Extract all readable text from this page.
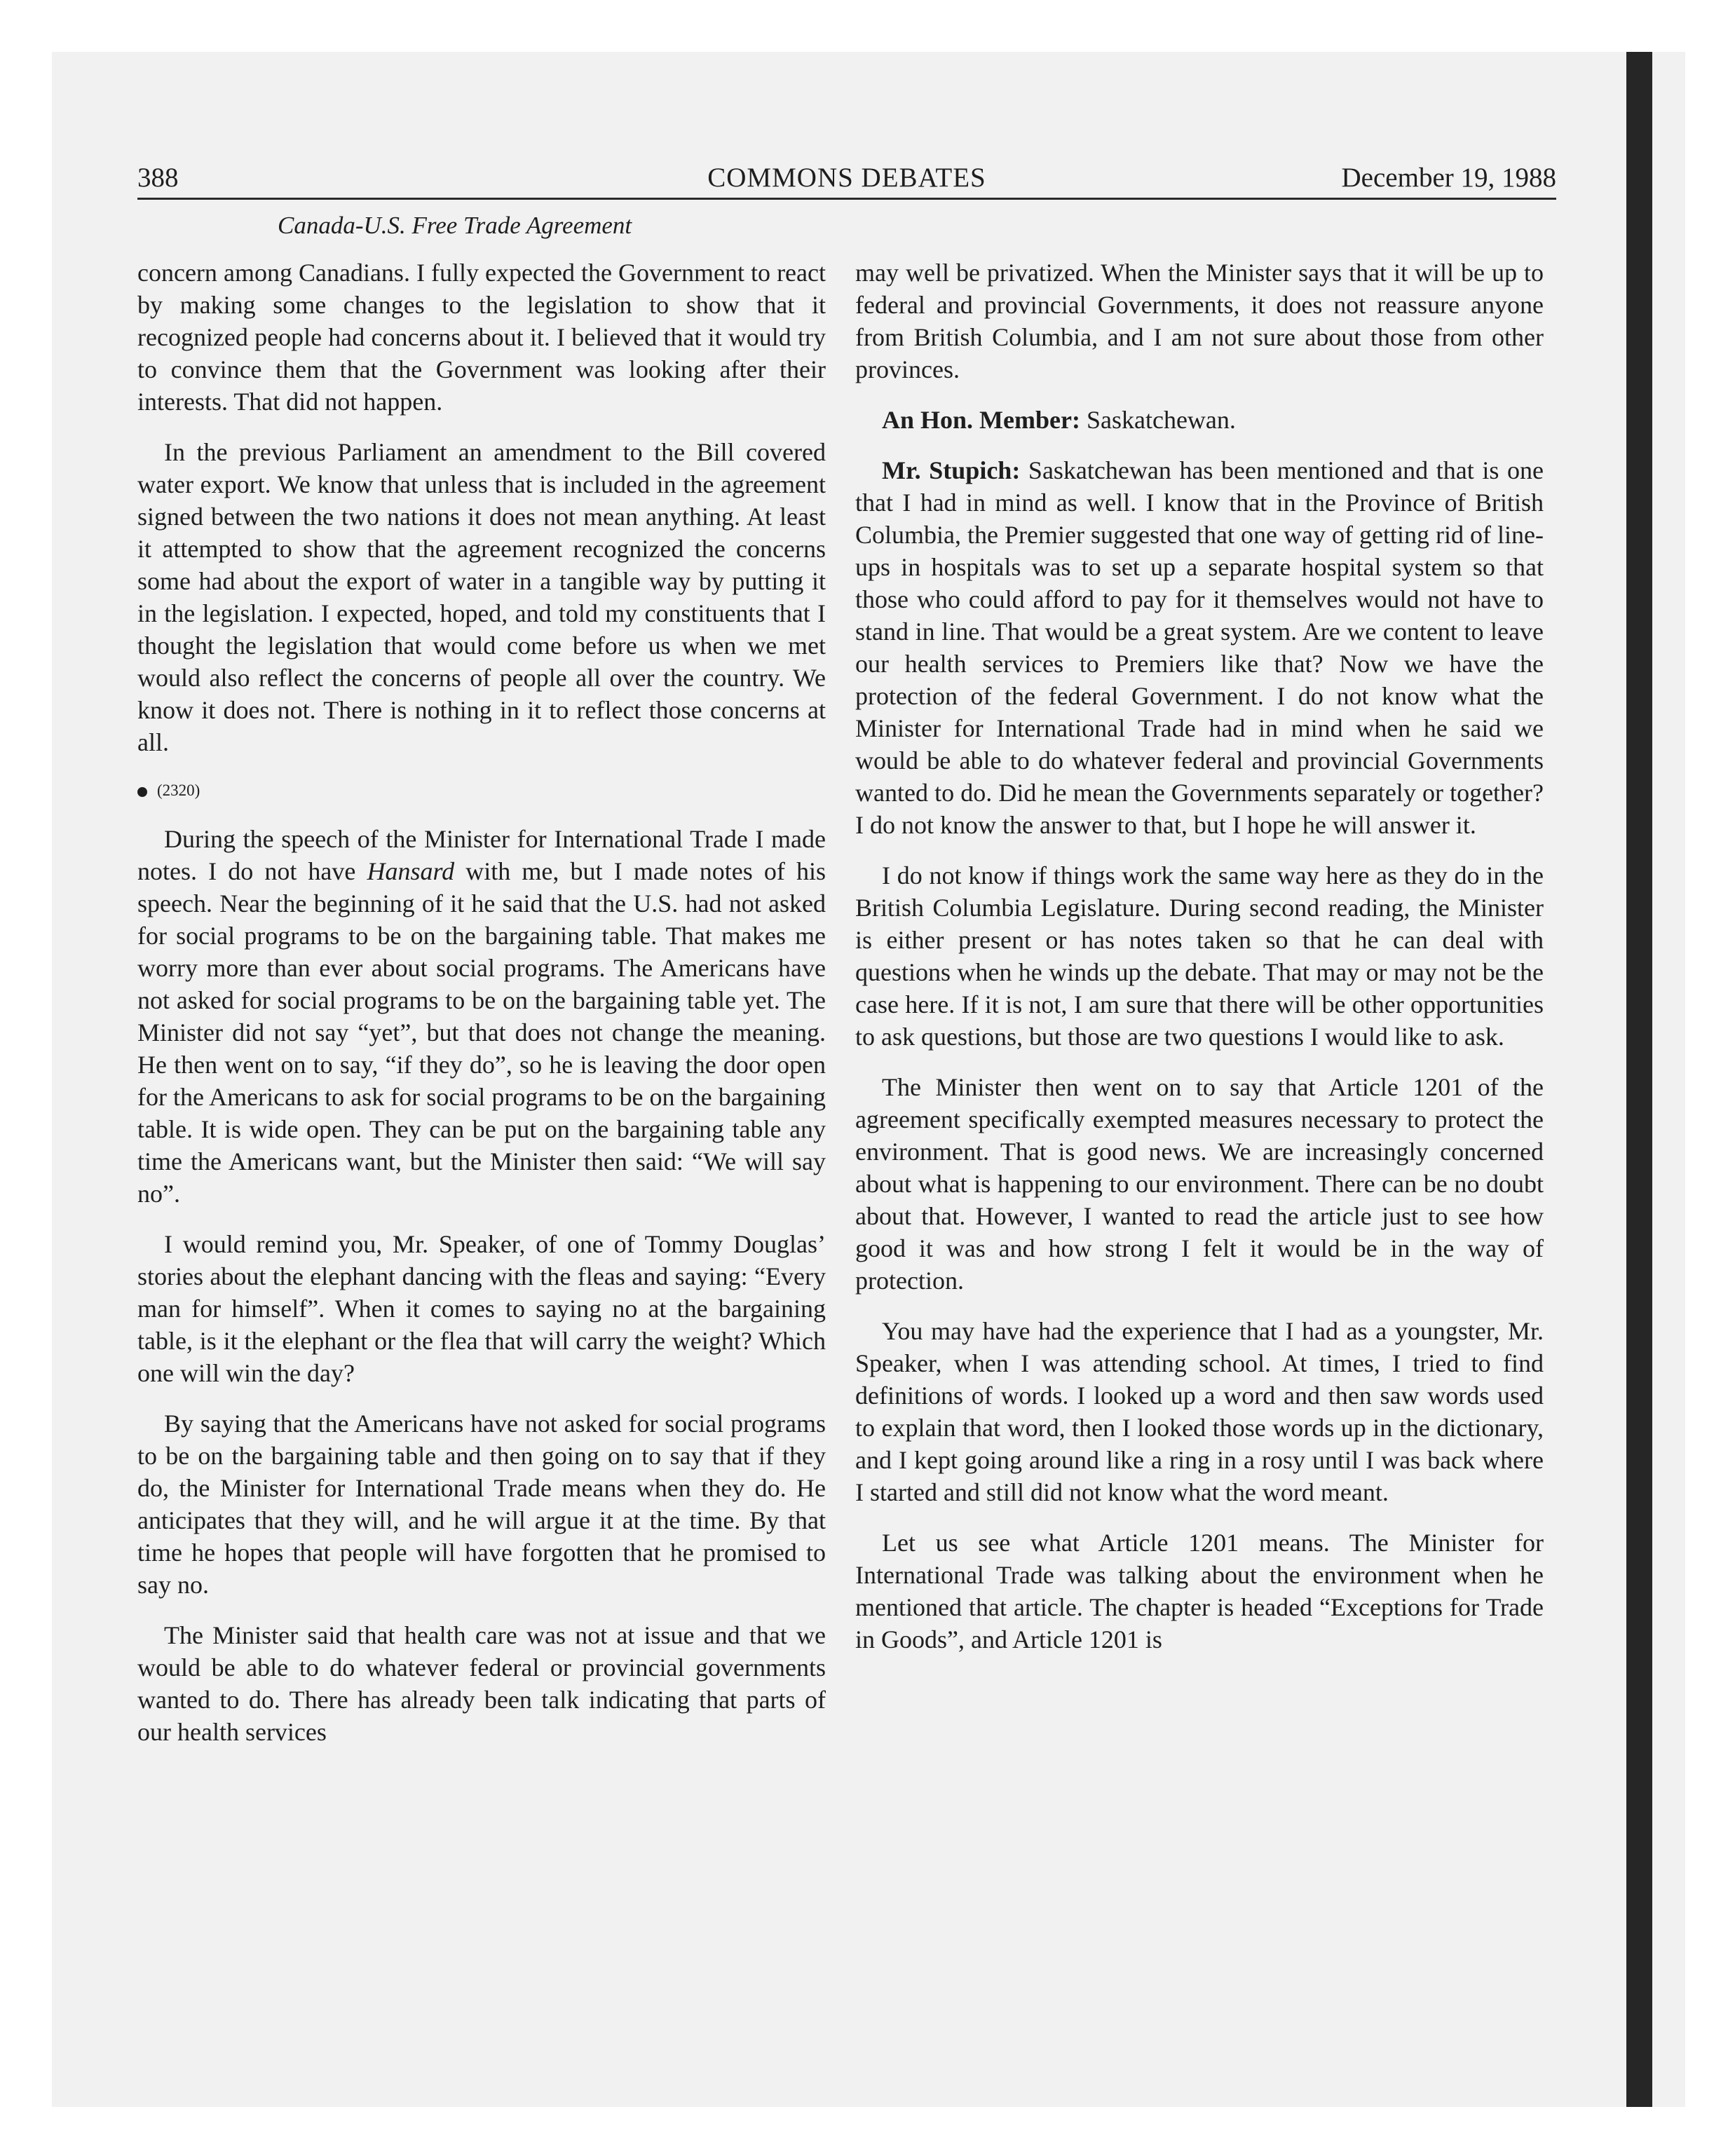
388	COMMONS DEBATES	December 19, 1988
Canada-U.S. Free Trade Agreement

concern among Canadians. I fully expected the Government to react by making some changes to the legislation to show that it recognized people had concerns about it. I believed that it would try to convince them that the Government was looking after their interests. That did not happen.

In the previous Parliament an amendment to the Bill covered water export. We know that unless that is included in the agreement signed between the two nations it does not mean anything. At least it attempted to show that the agreement recognized the concerns some had about the export of water in a tangible way by putting it in the legislation. I expected, hoped, and told my constituents that I thought the legislation that would come before us when we met would also reflect the concerns of people all over the country. We know it does not. There is nothing in it to reflect those concerns at all.

(2320)

During the speech of the Minister for International Trade I made notes. I do not have Hansard with me, but I made notes of his speech. Near the beginning of it he said that the U.S. had not asked for social programs to be on the bargaining table. That makes me worry more than ever about social programs. The Americans have not asked for social programs to be on the bargaining table yet. The Minister did not say “yet”, but that does not change the meaning. He then went on to say, “if they do”, so he is leaving the door open for the Americans to ask for social programs to be on the bargaining table. It is wide open. They can be put on the bargaining table any time the Americans want, but the Minister then said: “We will say no”.

I would remind you, Mr. Speaker, of one of Tommy Douglas’ stories about the elephant dancing with the fleas and saying: “Every man for himself”. When it comes to saying no at the bargaining table, is it the elephant or the flea that will carry the weight? Which one will win the day?

By saying that the Americans have not asked for social programs to be on the bargaining table and then going on to say that if they do, the Minister for International Trade means when they do. He anticipates that they will, and he will argue it at the time. By that time he hopes that people will have forgotten that he promised to say no.

The Minister said that health care was not at issue and that we would be able to do whatever federal or provincial governments wanted to do. There has already been talk indicating that parts of our health services

may well be privatized. When the Minister says that it will be up to federal and provincial Governments, it does not reassure anyone from British Columbia, and I am not sure about those from other provinces.

An Hon. Member: Saskatchewan.

Mr. Stupich: Saskatchewan has been mentioned and that is one that I had in mind as well. I know that in the Province of British Columbia, the Premier suggested that one way of getting rid of line-ups in hospitals was to set up a separate hospital system so that those who could afford to pay for it themselves would not have to stand in line. That would be a great system. Are we content to leave our health services to Premiers like that? Now we have the protection of the federal Government. I do not know what the Minister for International Trade had in mind when he said we would be able to do whatever federal and provincial Governments wanted to do. Did he mean the Governments separately or together? I do not know the answer to that, but I hope he will answer it.

I do not know if things work the same way here as they do in the British Columbia Legislature. During second reading, the Minister is either present or has notes taken so that he can deal with questions when he winds up the debate. That may or may not be the case here. If it is not, I am sure that there will be other opportunities to ask questions, but those are two questions I would like to ask.

The Minister then went on to say that Article 1201 of the agreement specifically exempted measures necessary to protect the environment. That is good news. We are increasingly concerned about what is happening to our environment. There can be no doubt about that. However, I wanted to read the article just to see how good it was and how strong I felt it would be in the way of protection.

You may have had the experience that I had as a youngster, Mr. Speaker, when I was attending school. At times, I tried to find definitions of words. I looked up a word and then saw words used to explain that word, then I looked those words up in the dictionary, and I kept going around like a ring in a rosy until I was back where I started and still did not know what the word meant.

Let us see what Article 1201 means. The Minister for International Trade was talking about the environment when he mentioned that article. The chapter is headed “Exceptions for Trade in Goods”, and Article 1201 is
